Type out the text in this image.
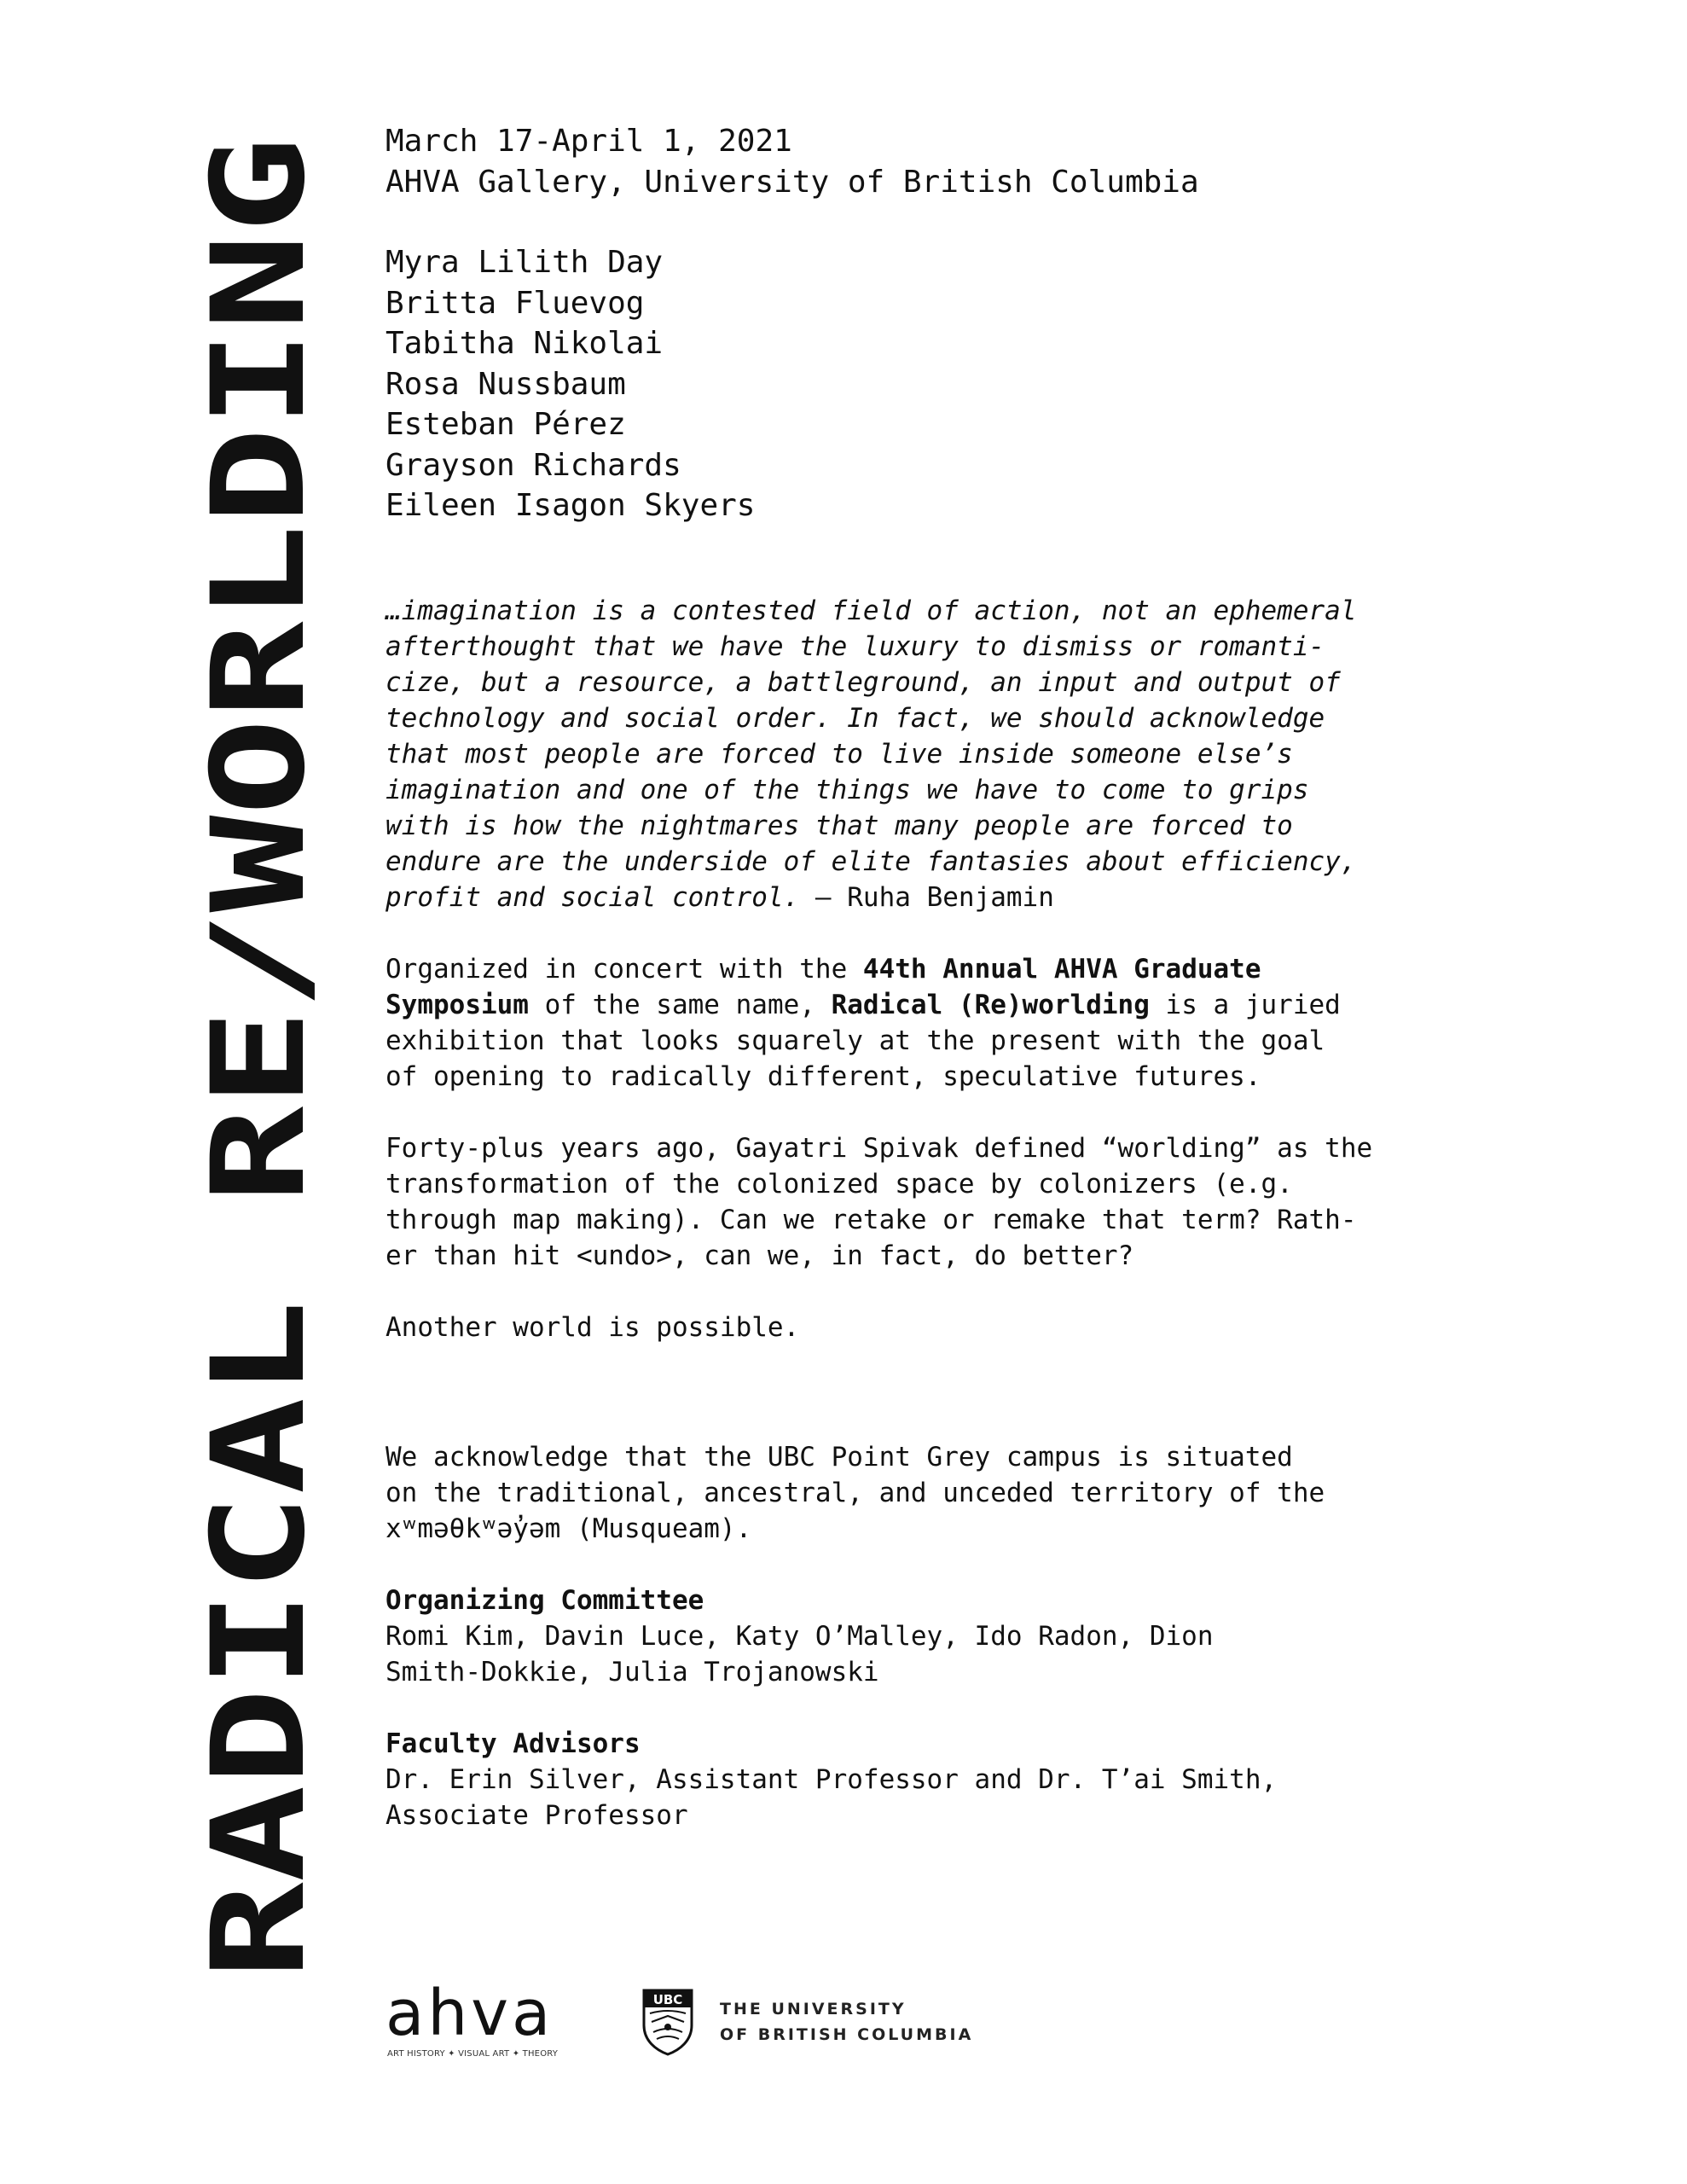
RADICAL RE/WORLDING
March 17-April 1, 2021
AHVA Gallery, University of British Columbia
Myra Lilith Day
Britta Fluevog
Tabitha Nikolai
Rosa Nussbaum
Esteban Pérez
Grayson Richards
Eileen Isagon Skyers
…imagination is a contested field of action, not an ephemeral
afterthought that we have the luxury to dismiss or romanti-
cize, but a resource, a battleground, an input and output of
technology and social order. In fact, we should acknowledge
that most people are forced to live inside someone else’s
imagination and one of the things we have to come to grips
with is how the nightmares that many people are forced to
endure are the underside of elite fantasies about efficiency,
profit and social control. – Ruha Benjamin
Organized in concert with the 44th Annual AHVA Graduate
Symposium of the same name, Radical (Re)worlding is a juried
exhibition that looks squarely at the present with the goal
of opening to radically different, speculative futures.
Forty-plus years ago, Gayatri Spivak defined “worlding” as the
transformation of the colonized space by colonizers (e.g.
through map making). Can we retake or remake that term? Rath-
er than hit <undo>, can we, in fact, do better?
Another world is possible.
We acknowledge that the UBC Point Grey campus is situated
on the traditional, ancestral, and unceded territory of the
xʷməθkʷəy̓əm (Musqueam).
Organizing Committee
Romi Kim, Davin Luce, Katy O’Malley, Ido Radon, Dion
Smith-Dokkie, Julia Trojanowski
Faculty Advisors
Dr. Erin Silver, Assistant Professor and Dr. T’ai Smith,
Associate Professor
ahva
ART HISTORY ✦ VISUAL ART ✦ THEORY
UBC THE UNIVERSITY
OF BRITISH COLUMBIA
